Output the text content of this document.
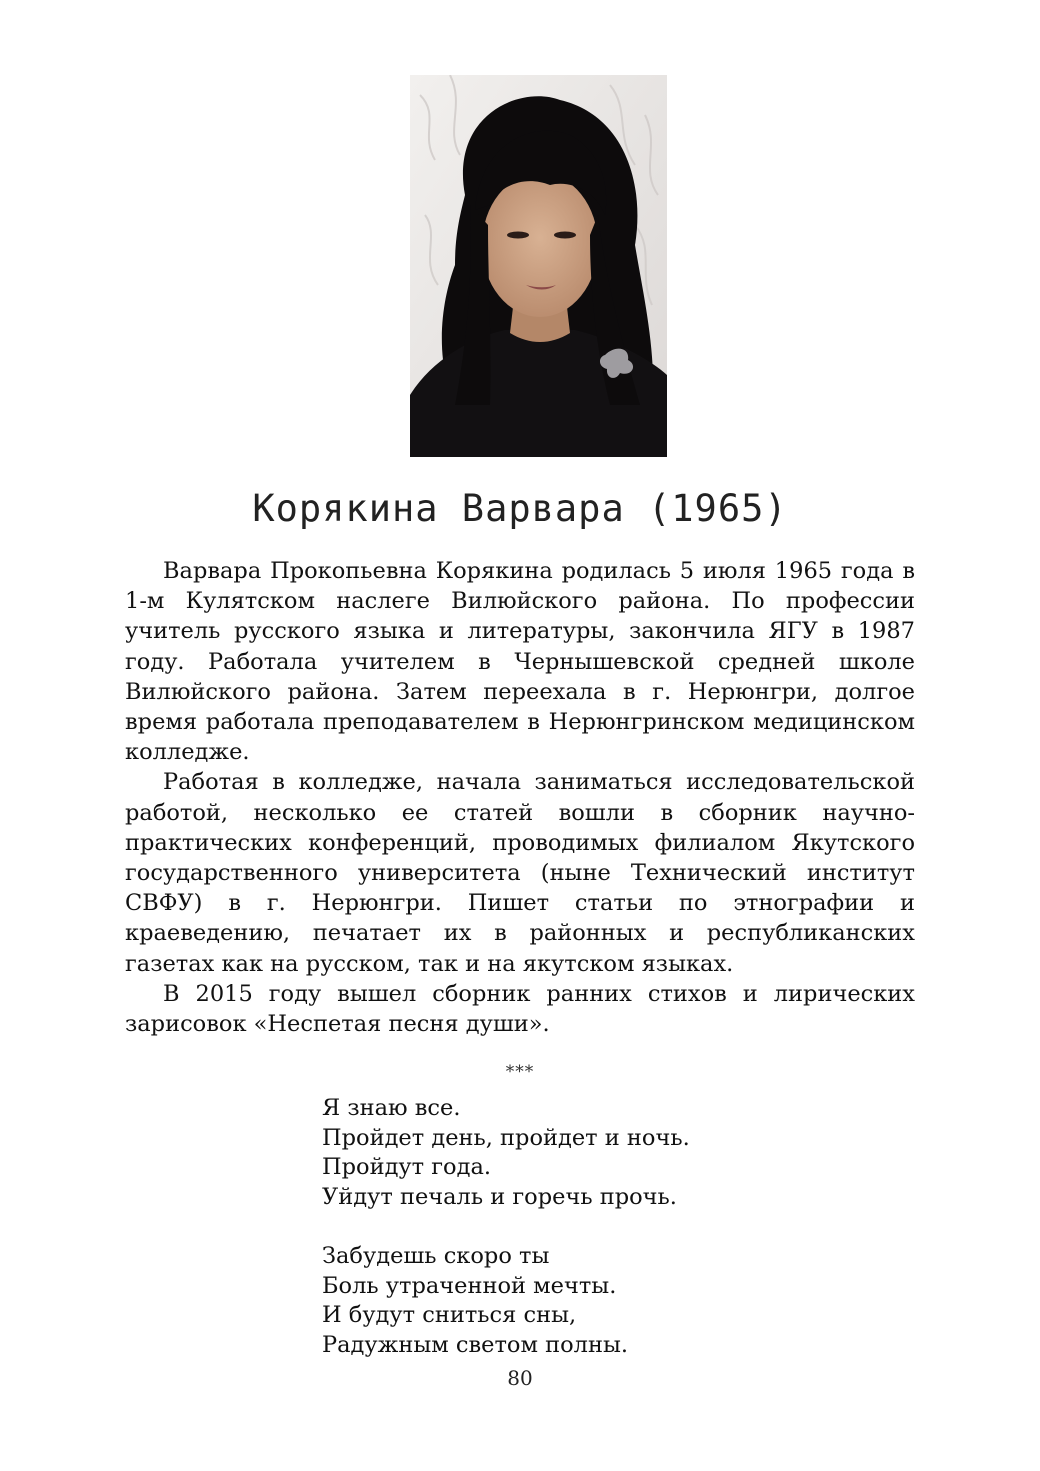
Корякина Варвара (1965)

Варвара Прокопьевна Корякина родилась 5 июля 1965 года в 1-м Кулятском наслеге Вилюйского района. По профессии учитель русского языка и литературы, закончила ЯГУ в 1987 году. Работала учителем в Чернышевской средней школе Вилюйского района. Затем переехала в г. Нерюнгри, долгое время работала преподавателем в Нерюнгринском медицинском колледже.

Работая в колледже, начала заниматься исследовательской работой, несколько ее статей вошли в сборник научно-практических конференций, проводимых филиалом Якутского государственного университета (ныне Технический институт СВФУ) в г. Нерюнгри. Пишет статьи по этнографии и краеведению, печатает их в районных и республиканских газетах как на русском, так и на якутском языках.

В 2015 году вышел сборник ранних стихов и лирических зарисовок «Неспетая песня души».

***
Я знаю все.
Пройдет день, пройдет и ночь.
Пройдут года.
Уйдут печаль и горечь прочь.
Забудешь скоро ты
Боль утраченной мечты.
И будут сниться сны,
Радужным светом полны.
80
